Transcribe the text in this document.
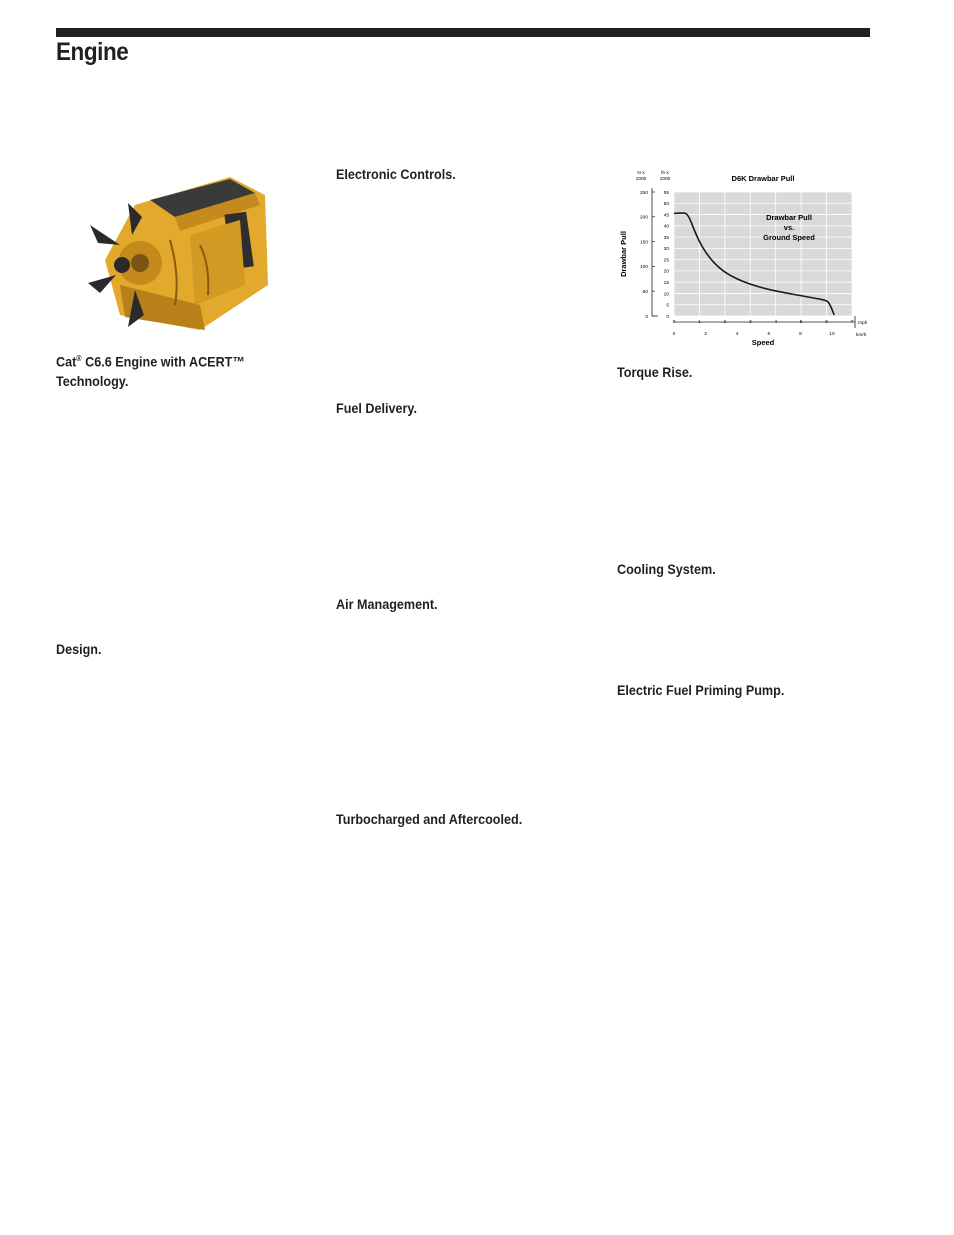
Engine
Cat® C6.6 Engine with ACERT™
Technology.

Design.

Electronic Controls.

Fuel Delivery.

Air Management.

Turbocharged and Aftercooled.

Torque Rise.

Cooling System.

Electric Fuel Priming Pump.

0
50
100
150
200
250
0
5
10
15
20
25
30
35
40
45
50
55
0	1	2	3	4	5	6	7
0	2	4	6	8	10
D6K Drawbar Pull
Drawbar Pull
vs.
Ground Speed
N x
1000
lb x
1000
Drawbar Pull
Speed
mph
km/h
